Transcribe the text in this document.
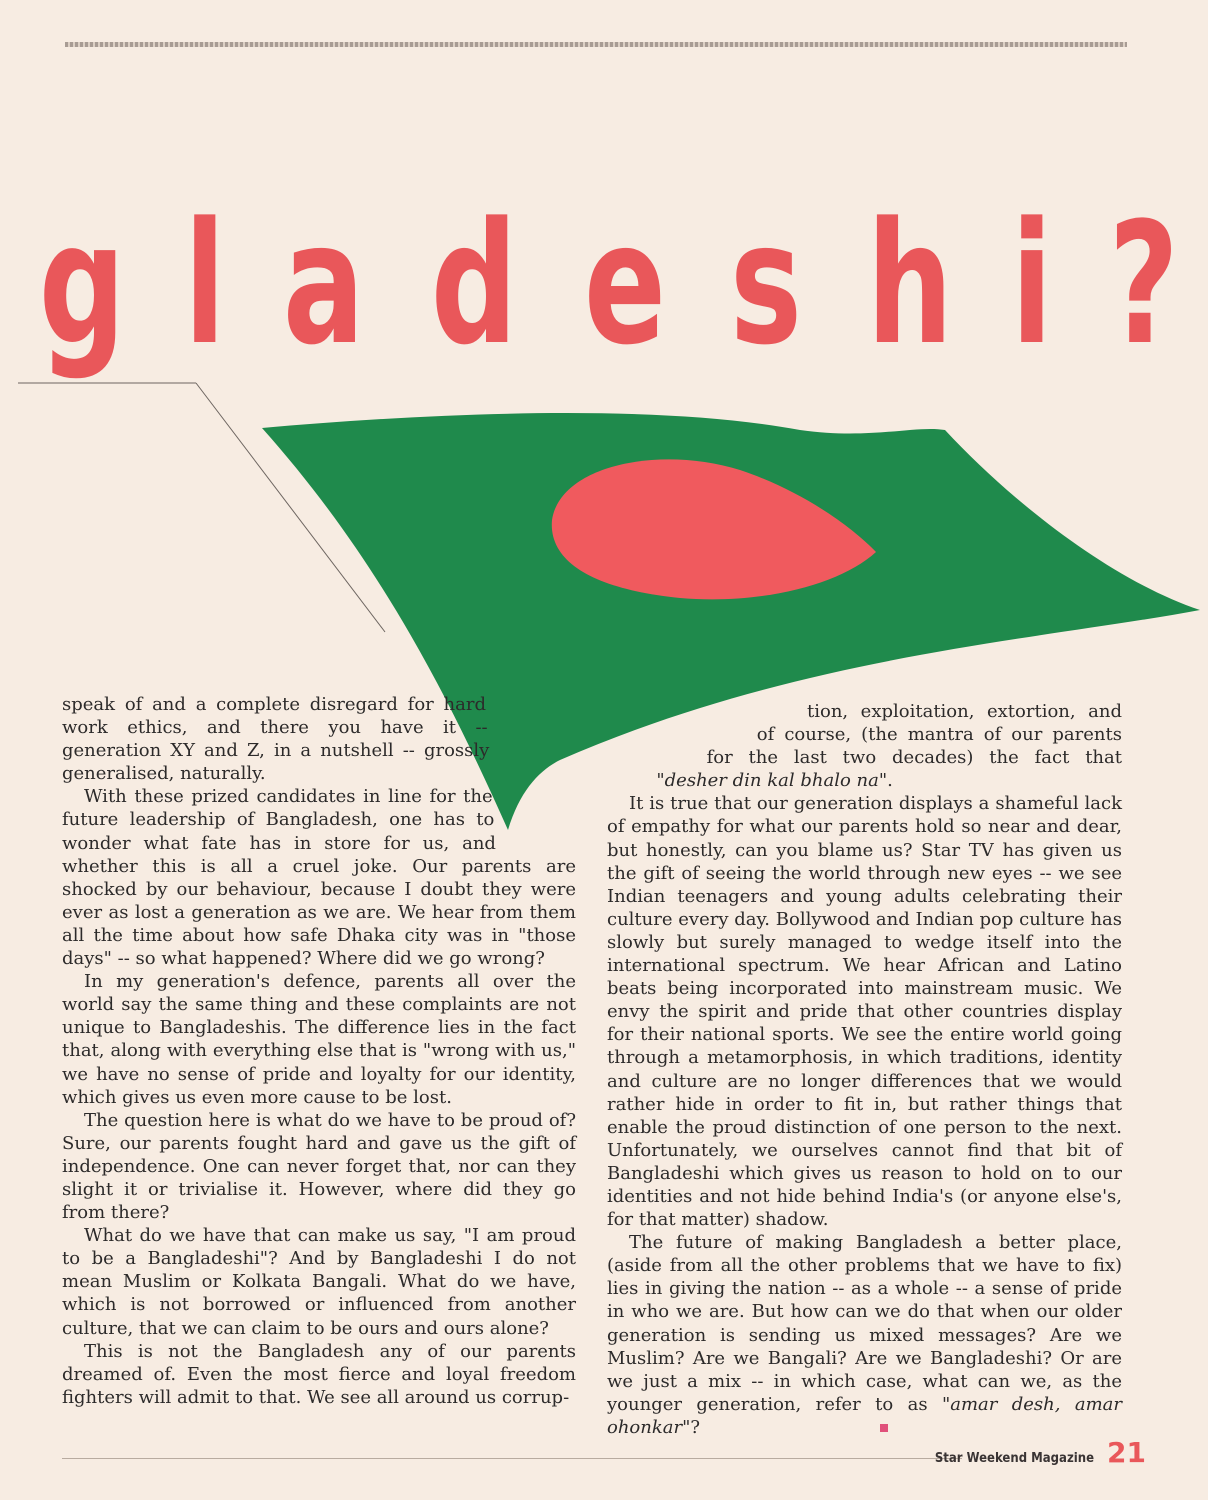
g l a d e s h i ?

speak of and a complete disregard for hard work ethics, and there you have it -- generation XY and Z, in a nutshell -- grossly generalised, naturally.

With these prized candidates in line for the future leadership of Bangladesh, one has to wonder what fate has in store for us, and whether this is all a cruel joke. Our parents are shocked by our behaviour, because I doubt they were ever as lost a generation as we are. We hear from them all the time about how safe Dhaka city was in "those days" -- so what happened? Where did we go wrong?

In my generation's defence, parents all over the world say the same thing and these complaints are not unique to Bangladeshis. The difference lies in the fact that, along with everything else that is "wrong with us," we have no sense of pride and loyalty for our identity, which gives us even more cause to be lost.

The question here is what do we have to be proud of? Sure, our parents fought hard and gave us the gift of independence. One can never forget that, nor can they slight it or trivialise it. However, where did they go from there?

What do we have that can make us say, "I am proud to be a Bangladeshi"? And by Bangladeshi I do not mean Muslim or Kolkata Bangali. What do we have, which is not borrowed or influenced from another culture, that we can claim to be ours and ours alone?

This is not the Bangladesh any of our parents dreamed of. Even the most fierce and loyal freedom fighters will admit to that. We see all around us corrup-

tion, exploitation, extortion, and of course, (the mantra of our parents for the last two decades) the fact that "desher din kal bhalo na".

It is true that our generation displays a shameful lack of empathy for what our parents hold so near and dear, but honestly, can you blame us? Star TV has given us the gift of seeing the world through new eyes -- we see Indian teenagers and young adults celebrating their culture every day. Bollywood and Indian pop culture has slowly but surely managed to wedge itself into the international spectrum. We hear African and Latino beats being incorporated into mainstream music. We envy the spirit and pride that other countries display for their national sports. We see the entire world going through a metamorphosis, in which traditions, identity and culture are no longer differences that we would rather hide in order to fit in, but rather things that enable the proud distinction of one person to the next. Unfortunately, we ourselves cannot find that bit of Bangladeshi which gives us reason to hold on to our identities and not hide behind India's (or anyone else's, for that matter) shadow.

The future of making Bangladesh a better place, (aside from all the other problems that we have to fix) lies in giving the nation -- as a whole -- a sense of pride in who we are. But how can we do that when our older generation is sending us mixed messages? Are we Muslim? Are we Bangali? Are we Bangladeshi? Or are we just a mix -- in which case, what can we, as the younger generation, refer to as "amar desh, amar ohonkar"?

Star Weekend Magazine 21
